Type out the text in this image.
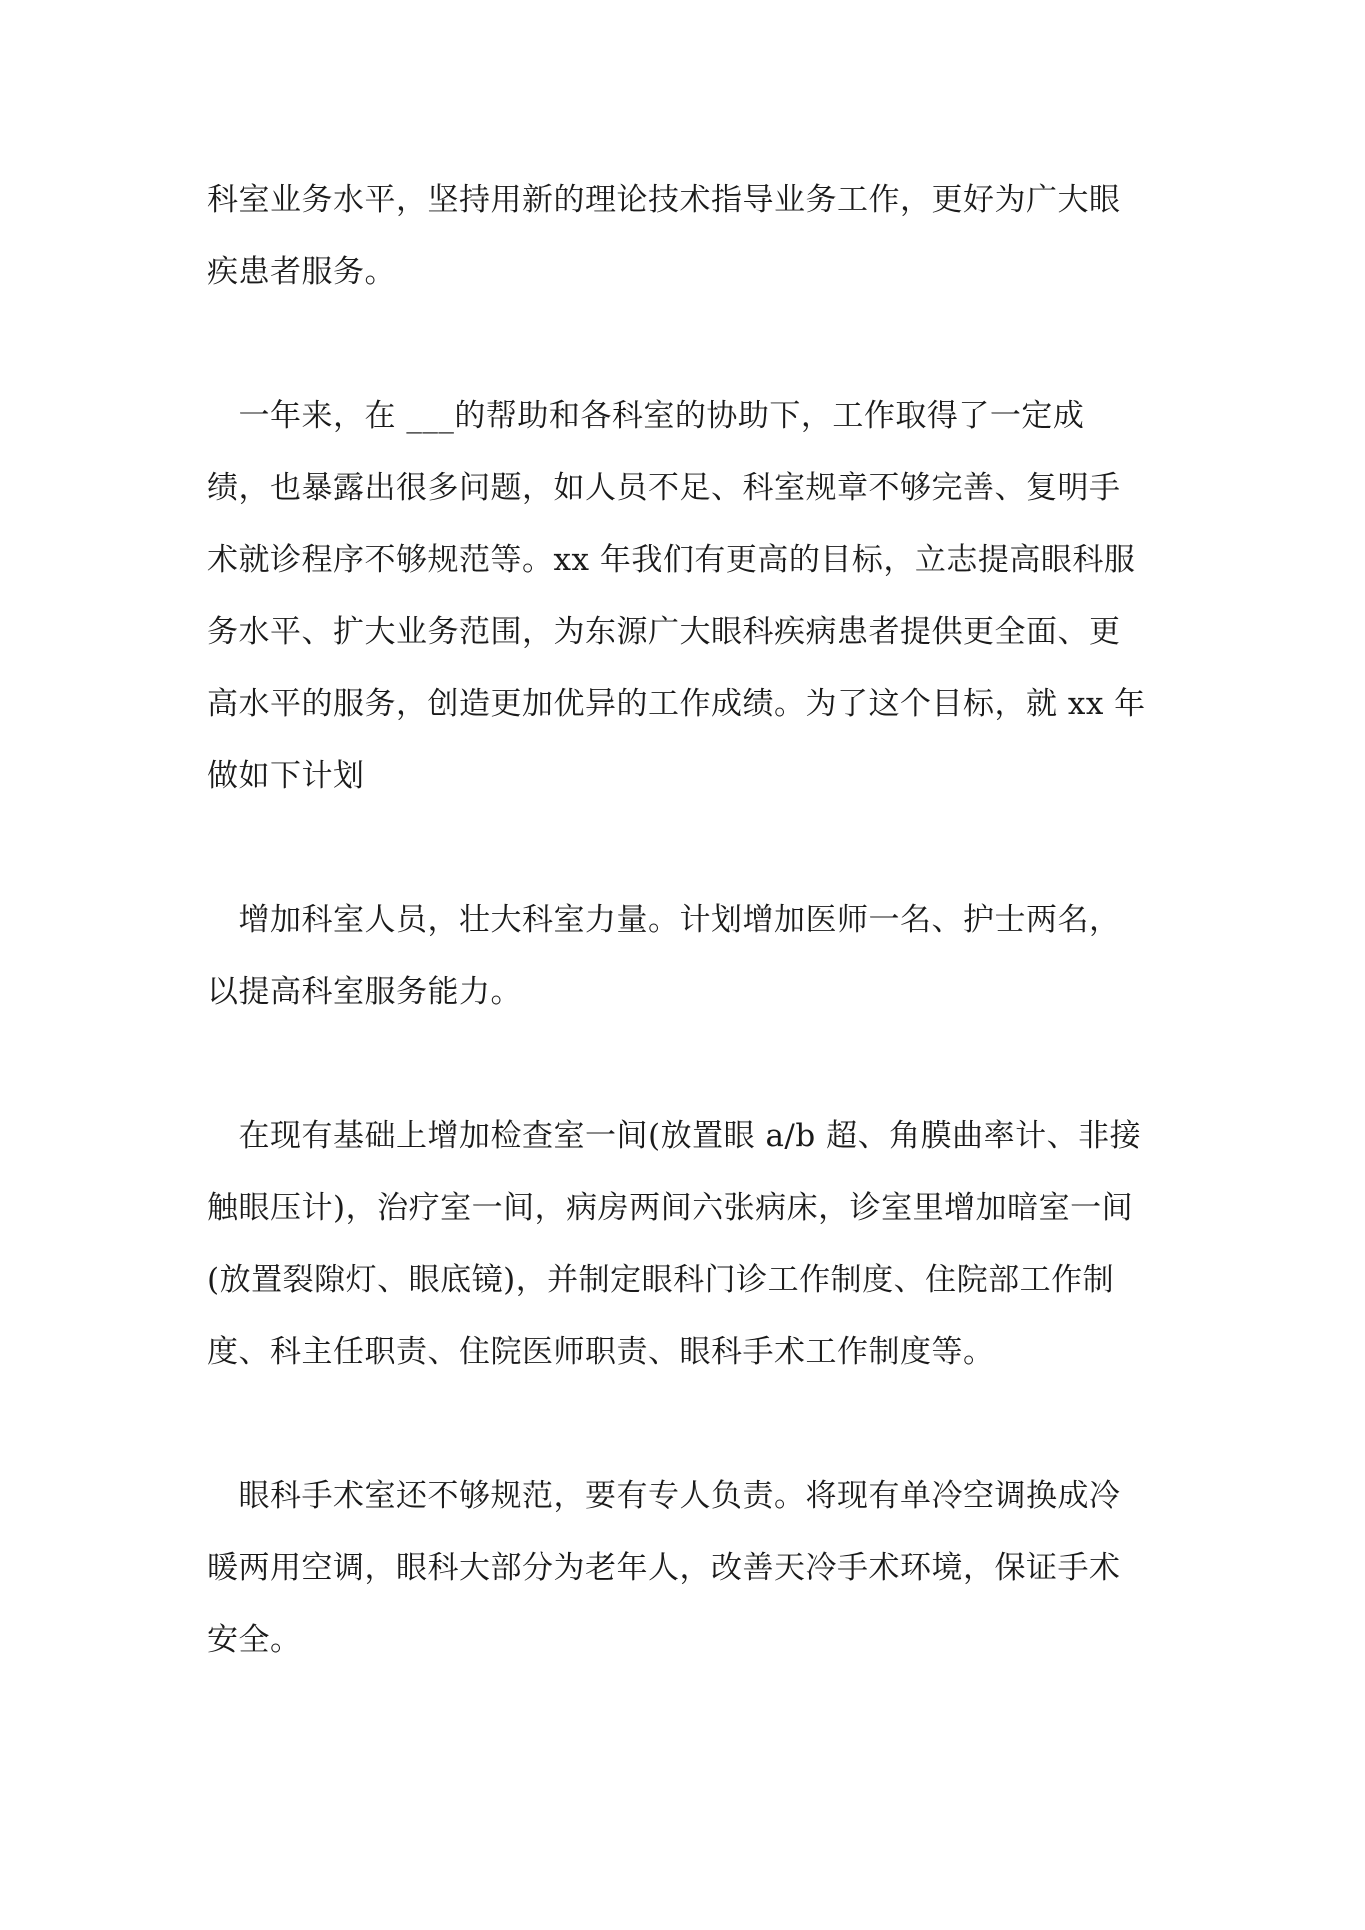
科室业务水平，坚持用新的理论技术指导业务工作，更好为广大眼
疾患者服务。
　一年来，在 ___的帮助和各科室的协助下，工作取得了一定成
绩，也暴露出很多问题，如人员不足、科室规章不够完善、复明手
术就诊程序不够规范等。xx 年我们有更高的目标，立志提高眼科服
务水平、扩大业务范围，为东源广大眼科疾病患者提供更全面、更
高水平的服务，创造更加优异的工作成绩。为了这个目标，就 xx 年
做如下计划
　增加科室人员，壮大科室力量。计划增加医师一名、护士两名，
以提高科室服务能力。
　在现有基础上增加检查室一间(放置眼 a/b 超、角膜曲率计、非接
触眼压计)，治疗室一间，病房两间六张病床，诊室里增加暗室一间
(放置裂隙灯、眼底镜)，并制定眼科门诊工作制度、住院部工作制
度、科主任职责、住院医师职责、眼科手术工作制度等。
　眼科手术室还不够规范，要有专人负责。将现有单冷空调换成冷
暖两用空调，眼科大部分为老年人，改善天冷手术环境，保证手术
安全。
